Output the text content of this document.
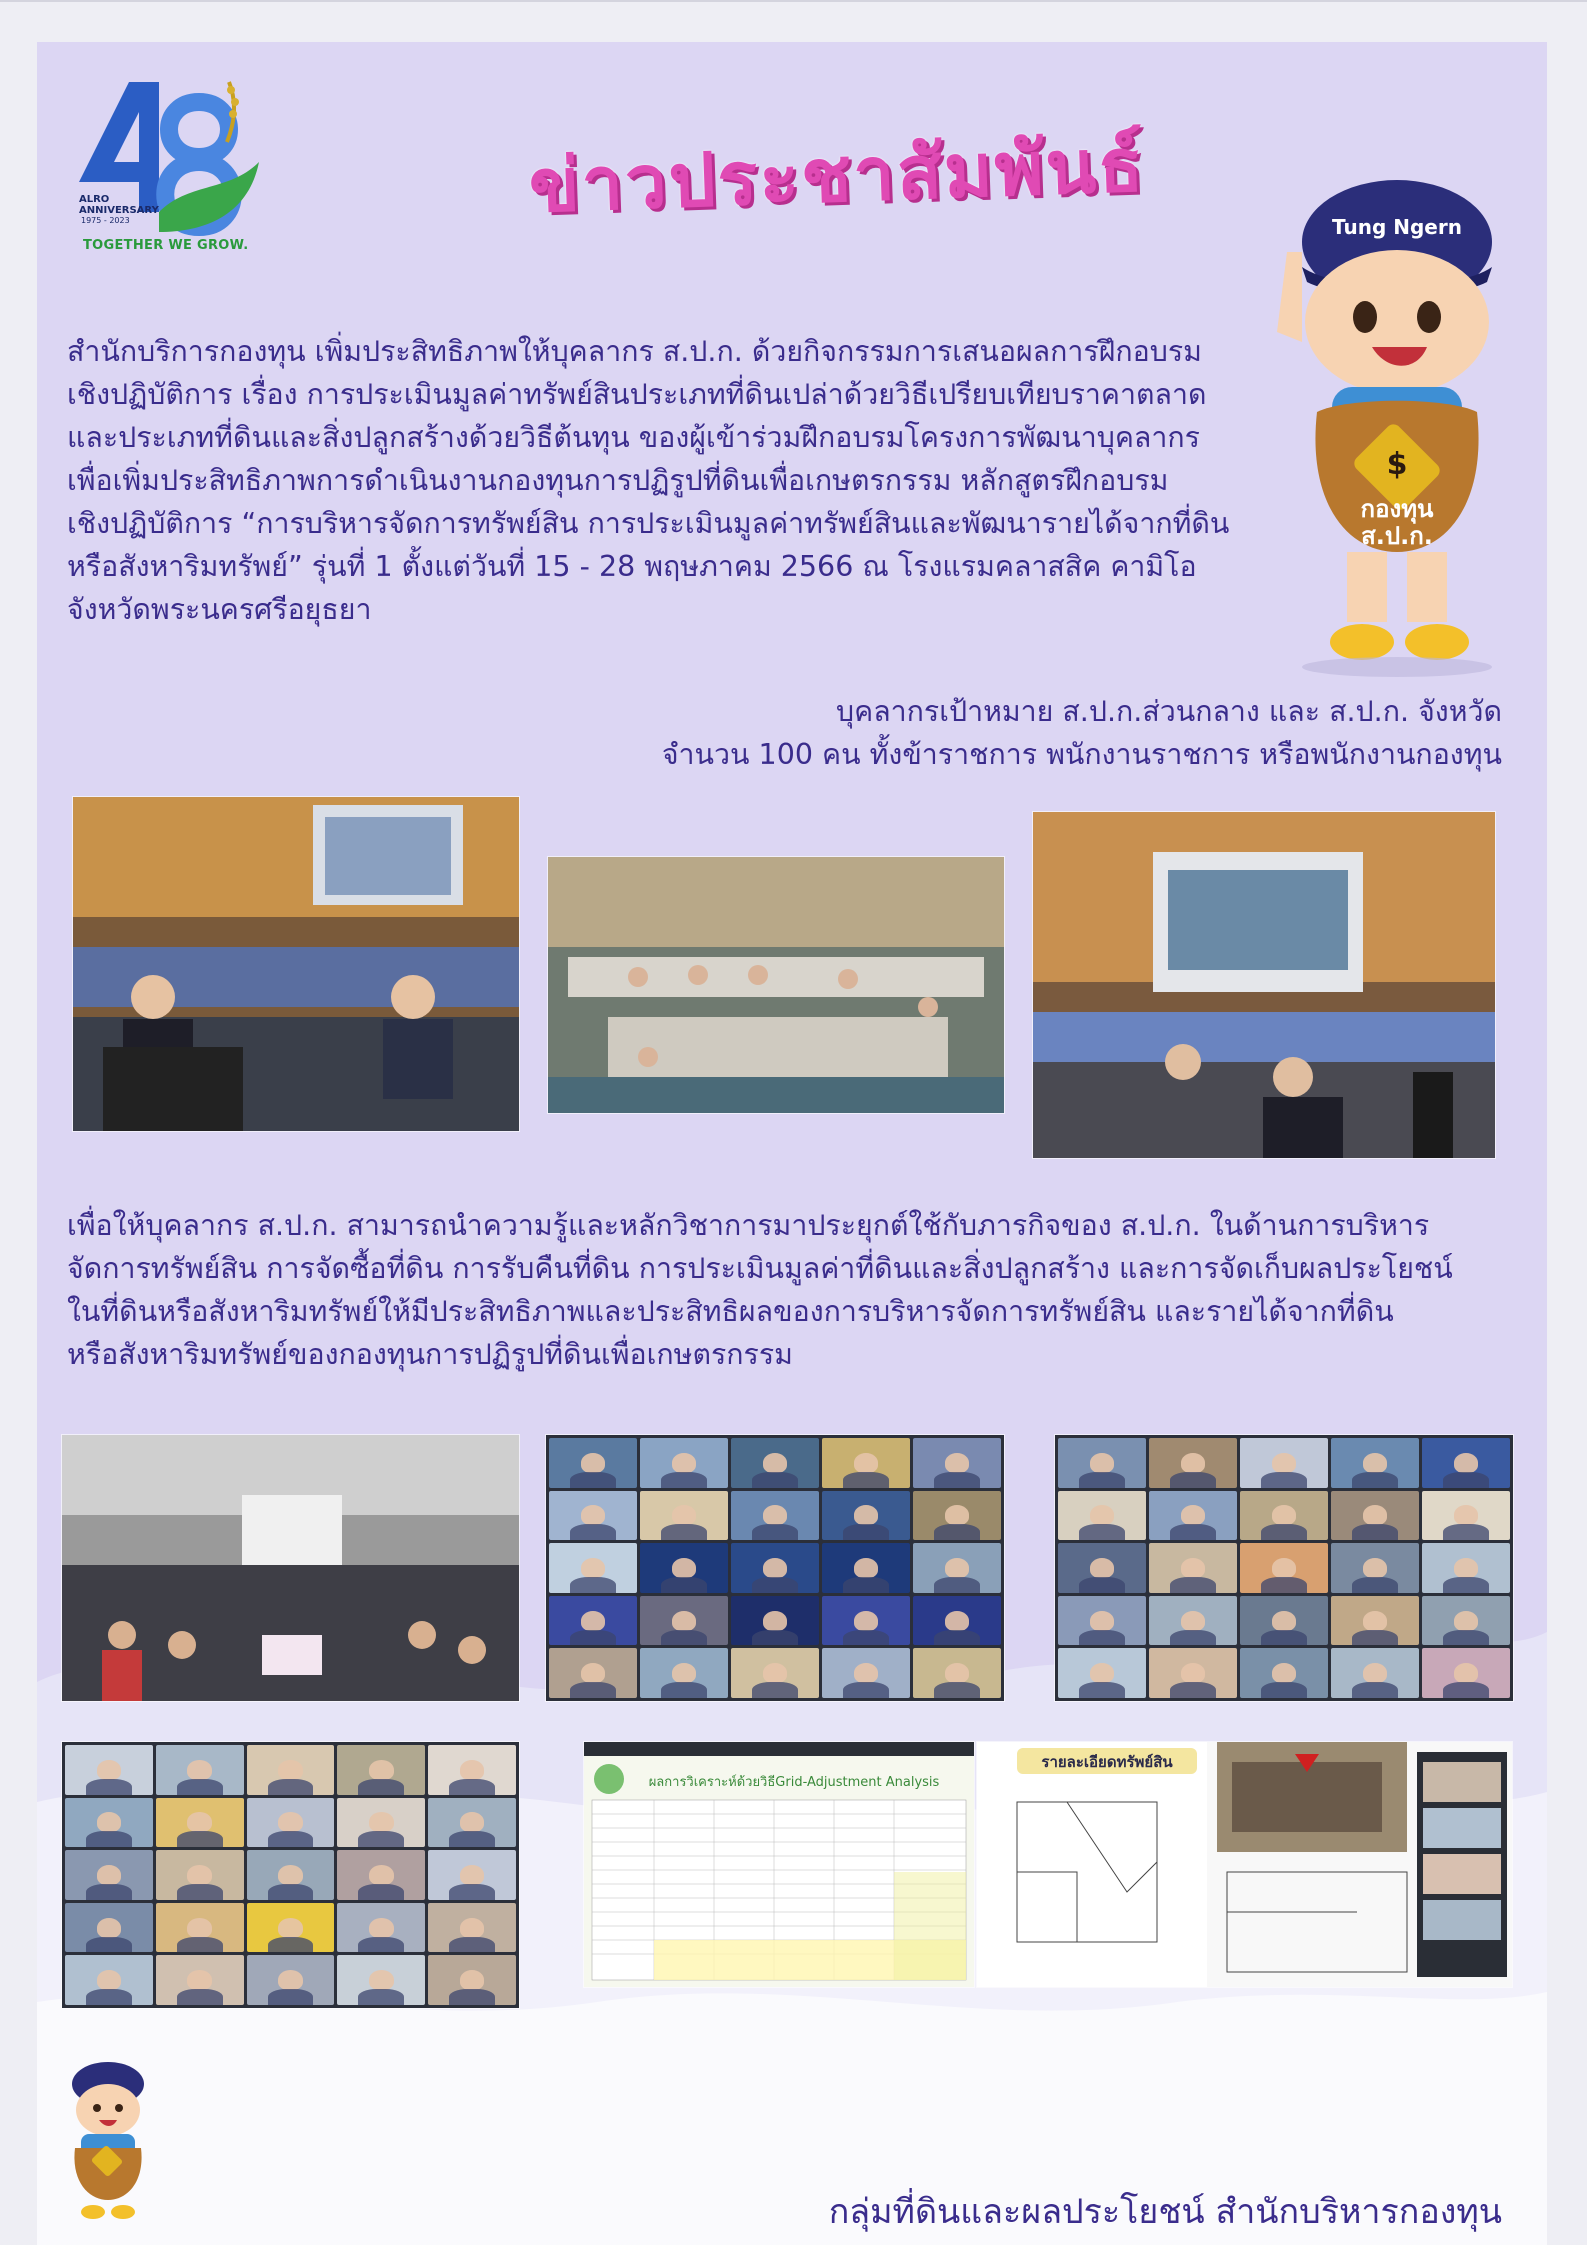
ALRO
ANNIVERSARY
1975 - 2023
TOGETHER WE GROW.
ข่าวประชาสัมพันธ์	Tung Ngern
$
กองทุน
ส.ป.ก.
สำนักบริการกองทุน เพิ่มประสิทธิภาพให้บุคลากร ส.ป.ก. ด้วยกิจกรรมการเสนอผลการฝึกอบรม
เชิงปฏิบัติการ เรื่อง การประเมินมูลค่าทรัพย์สินประเภทที่ดินเปล่าด้วยวิธีเปรียบเทียบราคาตลาด
และประเภทที่ดินและสิ่งปลูกสร้างด้วยวิธีต้นทุน ของผู้เข้าร่วมฝึกอบรมโครงการพัฒนาบุคลากร
เพื่อเพิ่มประสิทธิภาพการดำเนินงานกองทุนการปฏิรูปที่ดินเพื่อเกษตรกรรม หลักสูตรฝึกอบรม
เชิงปฏิบัติการ “การบริหารจัดการทรัพย์สิน การประเมินมูลค่าทรัพย์สินและพัฒนารายได้จากที่ดิน
หรือสังหาริมทรัพย์” รุ่นที่ 1 ตั้งแต่วันที่ 15 - 28 พฤษภาคม 2566 ณ โรงแรมคลาสสิค คามิโอ
จังหวัดพระนครศรีอยุธยา
บุคลากรเป้าหมาย ส.ป.ก.ส่วนกลาง และ ส.ป.ก. จังหวัด
จำนวน 100 คน ทั้งข้าราชการ พนักงานราชการ หรือพนักงานกองทุน
เพื่อให้บุคลากร ส.ป.ก. สามารถนำความรู้และหลักวิชาการมาประยุกต์ใช้กับภารกิจของ ส.ป.ก. ในด้านการบริหาร
จัดการทรัพย์สิน การจัดซื้อที่ดิน การรับคืนที่ดิน การประเมินมูลค่าที่ดินและสิ่งปลูกสร้าง และการจัดเก็บผลประโยชน์
ในที่ดินหรือสังหาริมทรัพย์ให้มีประสิทธิภาพและประสิทธิผลของการบริหารจัดการทรัพย์สิน และรายได้จากที่ดิน
หรือสังหาริมทรัพย์ของกองทุนการปฏิรูปที่ดินเพื่อเกษตรกรรม
ผลการวิเคราะห์ด้วยวิธีGrid-Adjustment Analysis
รายละเอียดทรัพย์สิน
กลุ่มที่ดินและผลประโยชน์ สำนักบริหารกองทุน
